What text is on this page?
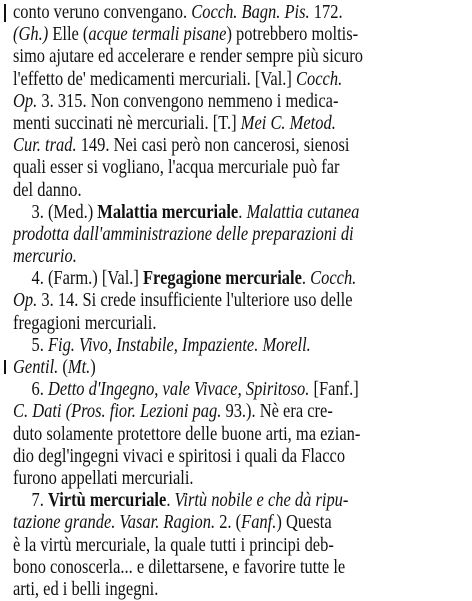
conto veruno convengano. Cocch. Bagn. Pis. 172.
(Gh.) Elle (acque termali pisane) potrebbero moltis-
simo ajutare ed accelerare e render sempre più sicuro
l'effetto de' medicamenti mercuriali. [Val.] Cocch.
Op. 3. 315. Non convengono nemmeno i medica-
menti succinati nè mercuriali. [T.] Mei C. Metod.
Cur. trad. 149. Nei casi però non cancerosi, sienosi
quali esser si vogliano, l'acqua mercuriale può far
del danno.
3. (Med.) Malattia mercuriale. Malattia cutanea
prodotta dall'amministrazione delle preparazioni di
mercurio.
4. (Farm.) [Val.] Fregagione mercuriale. Cocch.
Op. 3. 14. Si crede insufficiente l'ulteriore uso delle
fregagioni mercuriali.
5. Fig. Vivo, Instabile, Impaziente. Morell.
Gentil. (Mt.)
6. Detto d'Ingegno, vale Vivace, Spiritoso. [Fanf.]
C. Dati (Pros. fior. Lezioni pag. 93.). Nè era cre-
duto solamente protettore delle buone arti, ma ezian-
dio degl'ingegni vivaci e spiritosi i quali da Flacco
furono appellati mercuriali.
7. Virtù mercuriale. Virtù nobile e che dà ripu-
tazione grande. Vasar. Ragion. 2. (Fanf.) Questa
è la virtù mercuriale, la quale tutti i principi deb-
bono conoscerla... e dilettarsene, e favorire tutte le
arti, ed i belli ingegni.
